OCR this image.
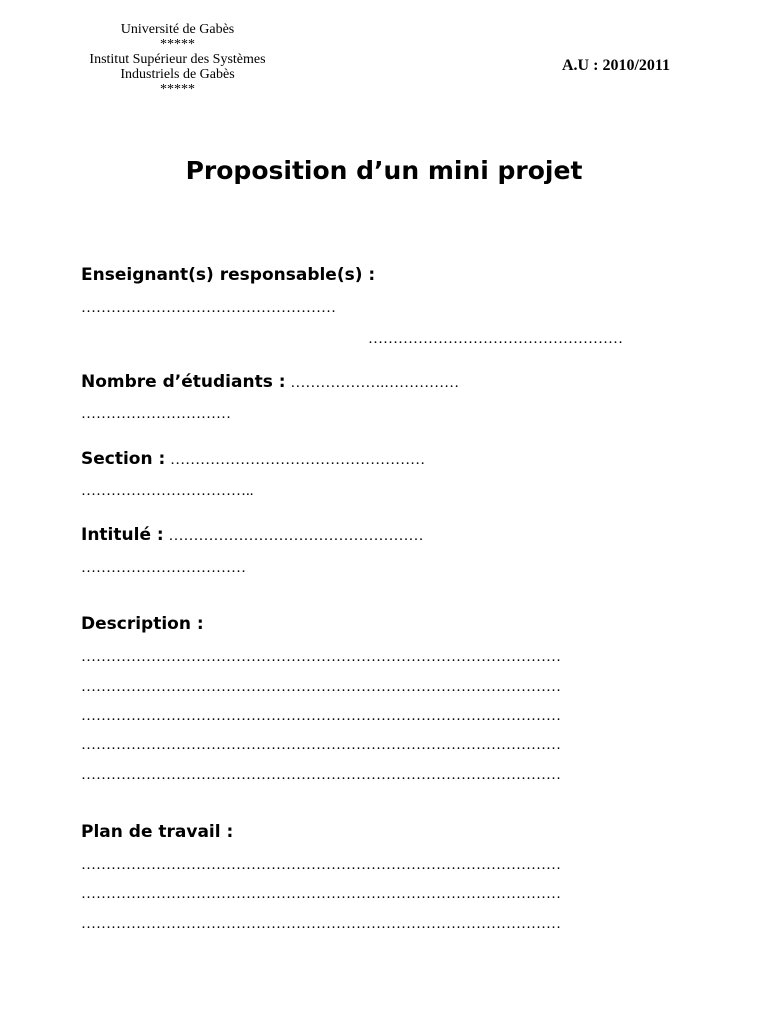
Université de Gabès
*****
Institut Supérieur des Systèmes
Industriels de Gabès
*****
A.U : 2010/2011
Proposition d’un mini projet
Enseignant(s) responsable(s) :
……………………………………………
……………………………………………
Nombre d’étudiants : ……………….……………
…………………………
Section : ……………………………………………
……………………………..
Intitulé : ……………………………………………
……………………………
Description :
……………………………………………………………………………………
……………………………………………………………………………………
……………………………………………………………………………………
……………………………………………………………………………………
……………………………………………………………………………………
Plan de travail :
……………………………………………………………………………………
……………………………………………………………………………………
……………………………………………………………………………………
